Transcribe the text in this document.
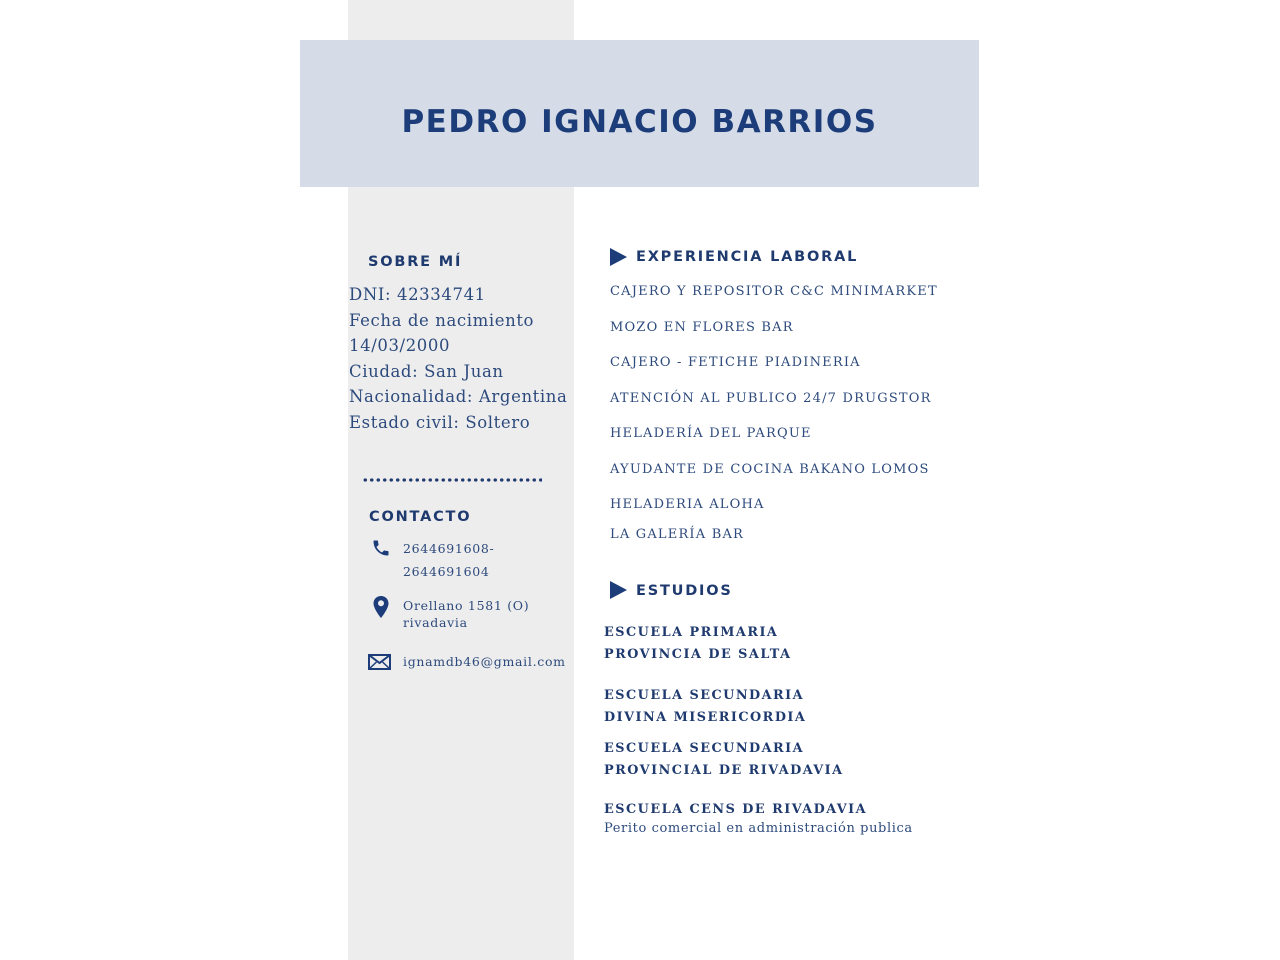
PEDRO IGNACIO BARRIOS
SOBRE MÍ
DNI: 42334741
Fecha de nacimiento
14/03/2000
Ciudad: San Juan
Nacionalidad: Argentina
Estado civil: Soltero
CONTACTO
2644691608-
2644691604
Orellano 1581 (O)
rivadavia
ignamdb46@gmail.com
EXPERIENCIA LABORAL
CAJERO Y REPOSITOR C&C MINIMARKET
MOZO EN FLORES BAR
CAJERO - FETICHE PIADINERIA
ATENCIÓN AL PUBLICO 24/7 DRUGSTOR
HELADERÍA DEL PARQUE
AYUDANTE DE COCINA BAKANO LOMOS
HELADERIA ALOHA
LA GALERÍA BAR
ESTUDIOS
ESCUELA PRIMARIA
PROVINCIA DE SALTA
ESCUELA SECUNDARIA
DIVINA MISERICORDIA
ESCUELA SECUNDARIA
PROVINCIAL DE RIVADAVIA
ESCUELA CENS DE RIVADAVIA
Perito comercial en administración publica
